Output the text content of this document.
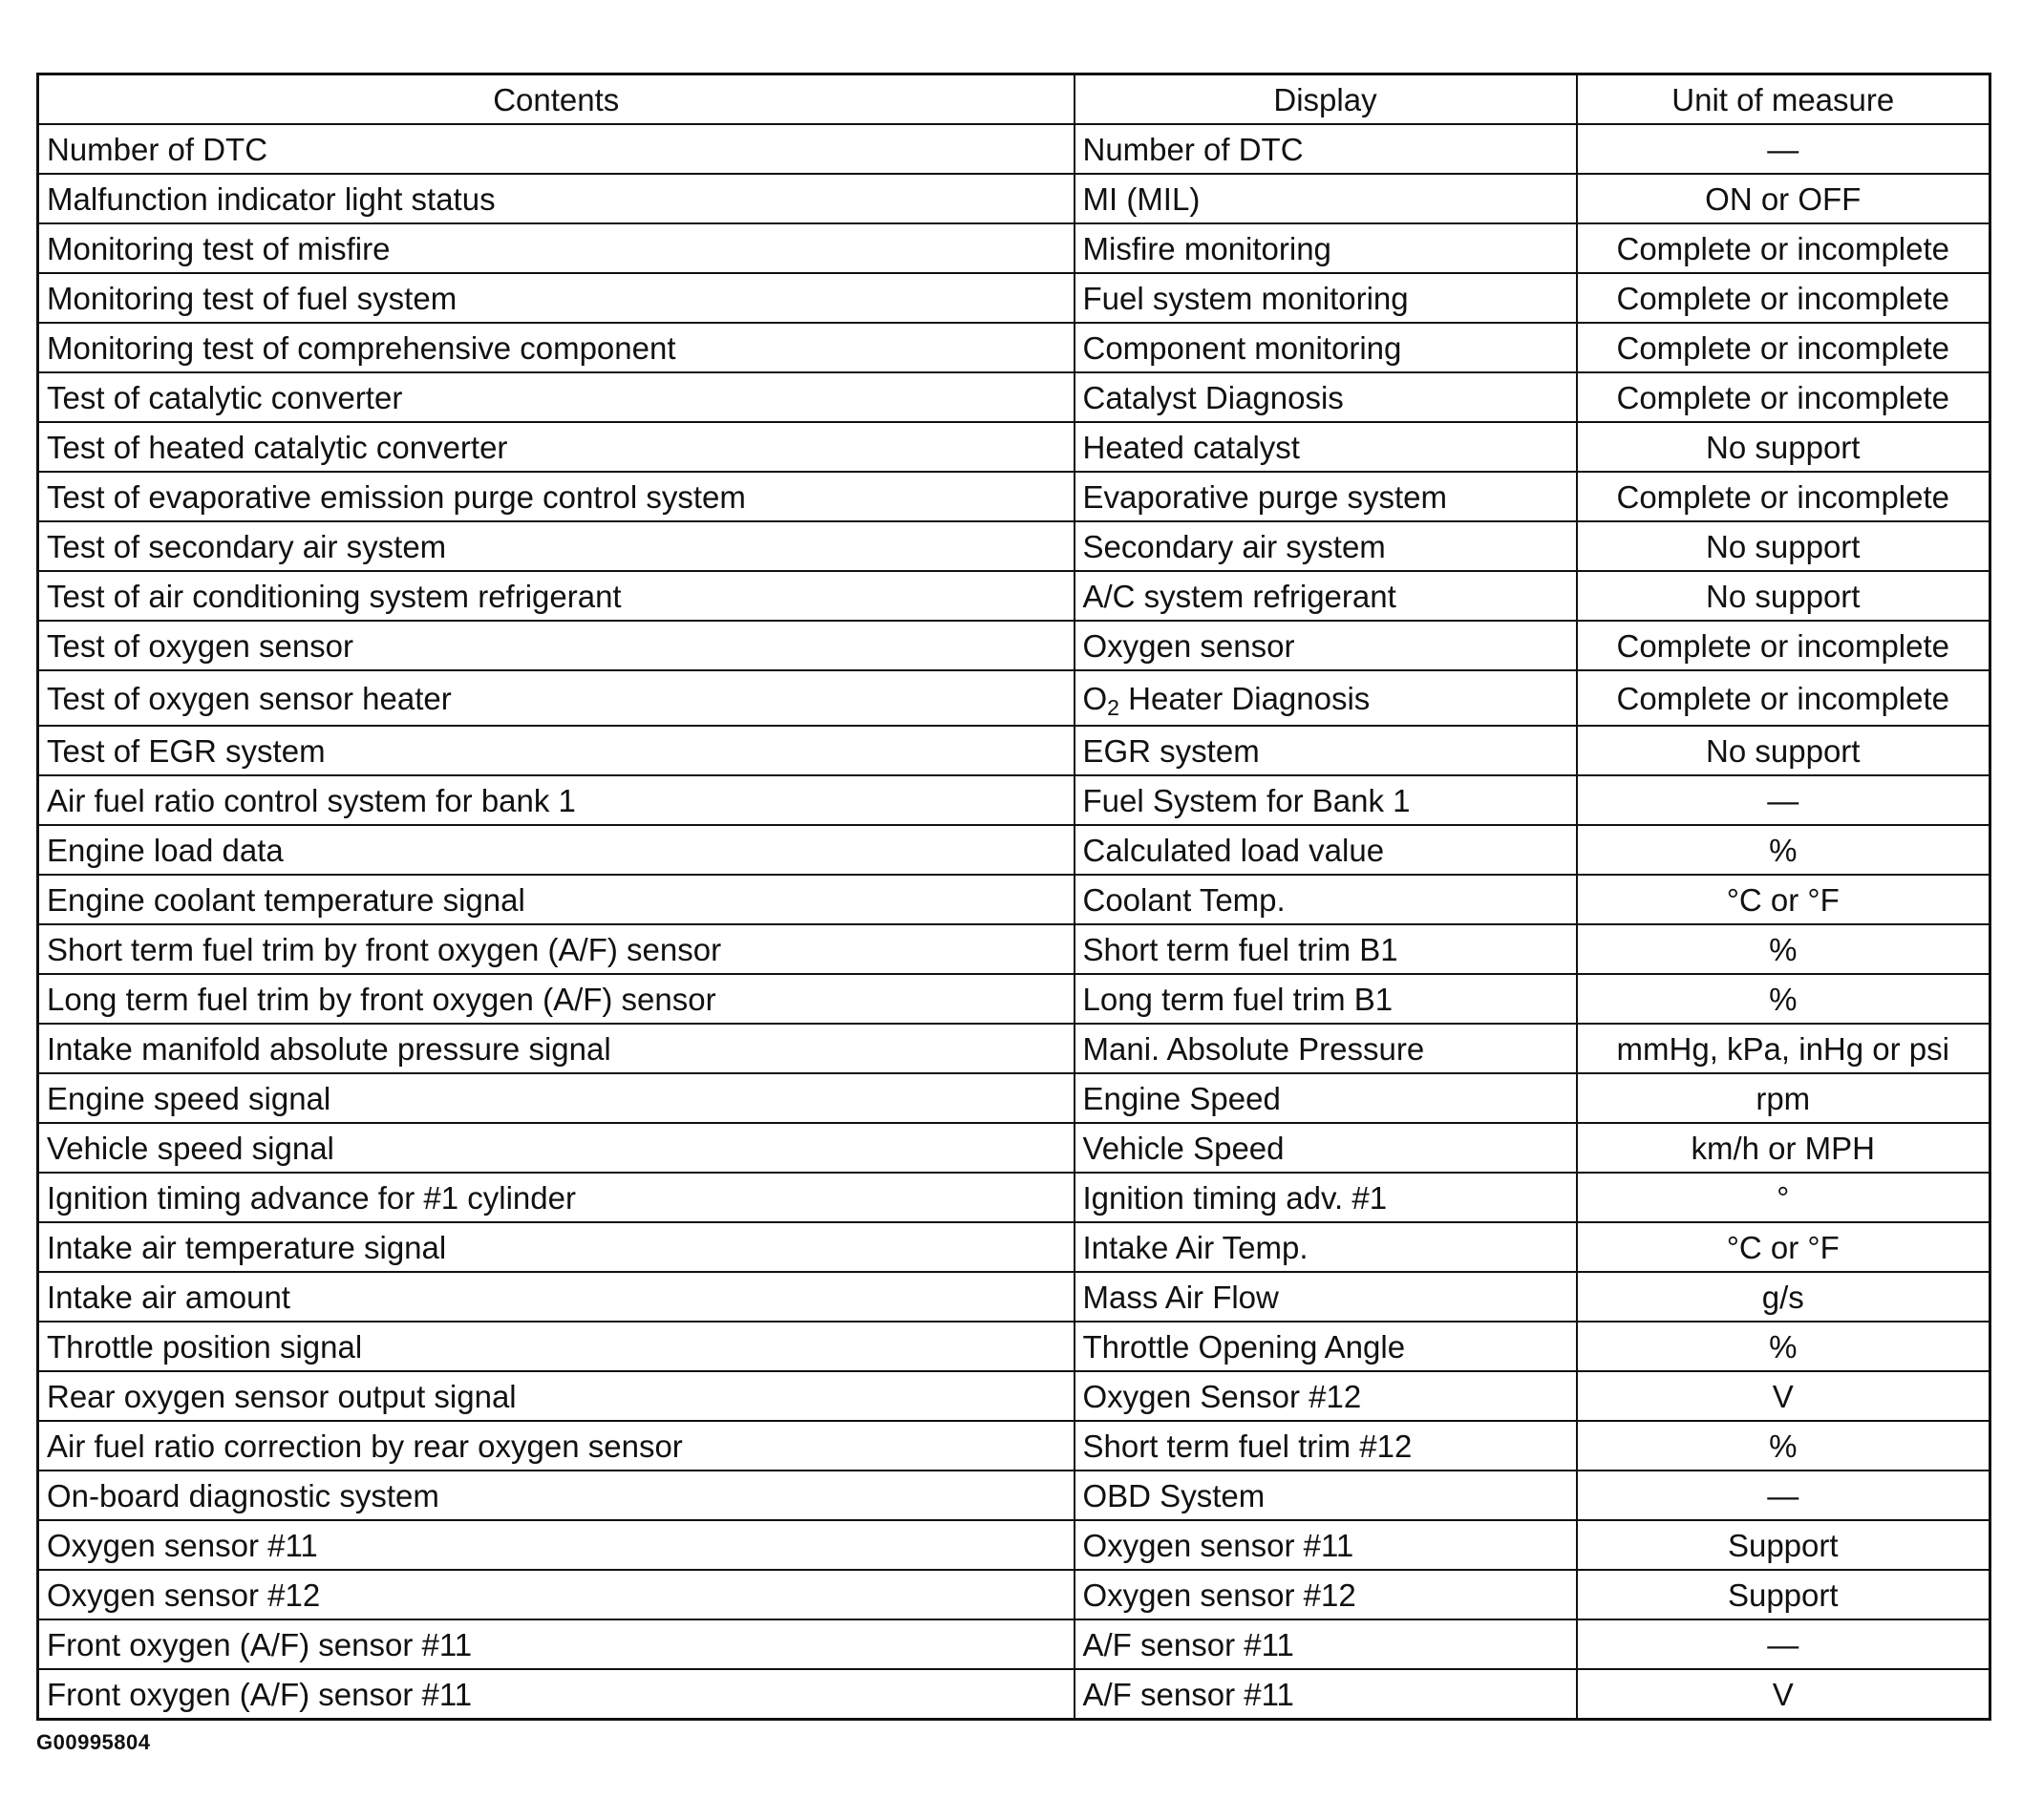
Contents	Display	Unit of measure
Number of DTC	Number of DTC	—
Malfunction indicator light status	MI (MIL)	ON or OFF
Monitoring test of misfire	Misfire monitoring	Complete or incomplete
Monitoring test of fuel system	Fuel system monitoring	Complete or incomplete
Monitoring test of comprehensive component	Component monitoring	Complete or incomplete
Test of catalytic converter	Catalyst Diagnosis	Complete or incomplete
Test of heated catalytic converter	Heated catalyst	No support
Test of evaporative emission purge control system	Evaporative purge system	Complete or incomplete
Test of secondary air system	Secondary air system	No support
Test of air conditioning system refrigerant	A/C system refrigerant	No support
Test of oxygen sensor	Oxygen sensor	Complete or incomplete
Test of oxygen sensor heater	$O_2$ Heater Diagnosis	Complete or incomplete
Test of EGR system	EGR system	No support
Air fuel ratio control system for bank 1	Fuel System for Bank 1	—
Engine load data	Calculated load value	%
Engine coolant temperature signal	Coolant Temp.	°C or °F
Short term fuel trim by front oxygen (A/F) sensor	Short term fuel trim B1	%
Long term fuel trim by front oxygen (A/F) sensor	Long term fuel trim B1	%
Intake manifold absolute pressure signal	Mani. Absolute Pressure	mmHg, kPa, inHg or psi
Engine speed signal	Engine Speed	rpm
Vehicle speed signal	Vehicle Speed	km/h or MPH
Ignition timing advance for #1 cylinder	Ignition timing adv. #1	°
Intake air temperature signal	Intake Air Temp.	°C or °F
Intake air amount	Mass Air Flow	g/s
Throttle position signal	Throttle Opening Angle	%
Rear oxygen sensor output signal	Oxygen Sensor #12	V
Air fuel ratio correction by rear oxygen sensor	Short term fuel trim #12	%
On-board diagnostic system	OBD System	—
Oxygen sensor #11	Oxygen sensor #11	Support
Oxygen sensor #12	Oxygen sensor #12	Support
Front oxygen (A/F) sensor #11	A/F sensor #11	—
Front oxygen (A/F) sensor #11	A/F sensor #11	V
G00995804
